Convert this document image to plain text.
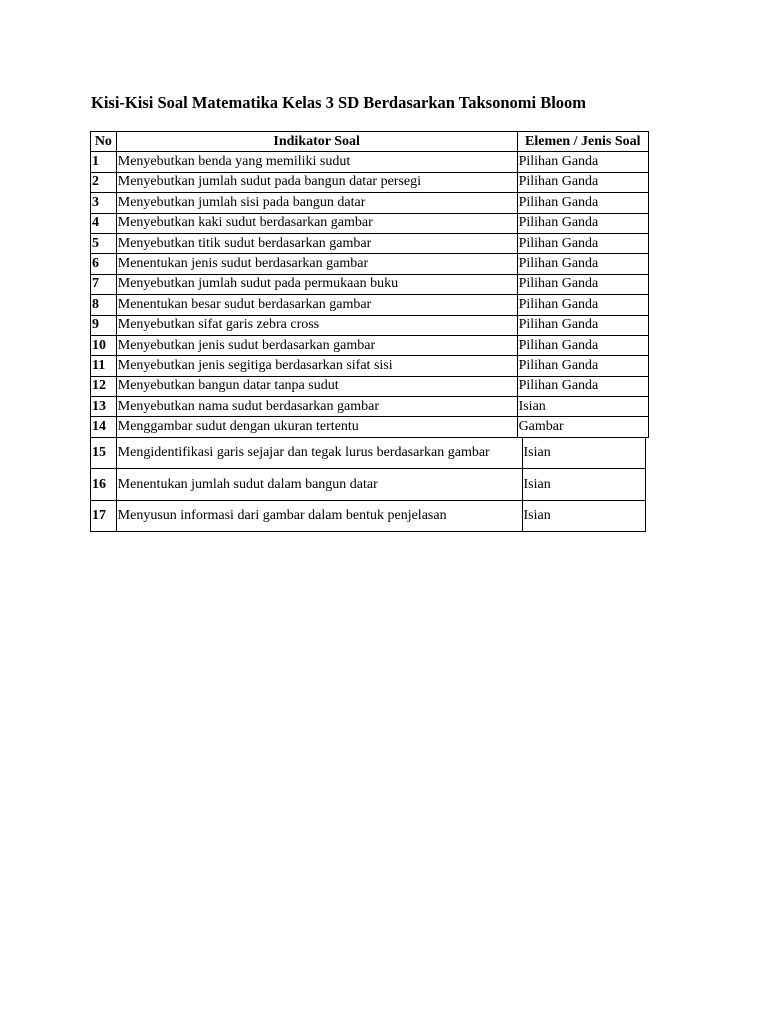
Kisi-Kisi Soal Matematika Kelas 3 SD Berdasarkan Taksonomi Bloom
No	Indikator Soal	Elemen / Jenis Soal
1	Menyebutkan benda yang memiliki sudut	Pilihan Ganda
2	Menyebutkan jumlah sudut pada bangun datar persegi	Pilihan Ganda
3	Menyebutkan jumlah sisi pada bangun datar	Pilihan Ganda
4	Menyebutkan kaki sudut berdasarkan gambar	Pilihan Ganda
5	Menyebutkan titik sudut berdasarkan gambar	Pilihan Ganda
6	Menentukan jenis sudut berdasarkan gambar	Pilihan Ganda
7	Menyebutkan jumlah sudut pada permukaan buku	Pilihan Ganda
8	Menentukan besar sudut berdasarkan gambar	Pilihan Ganda
9	Menyebutkan sifat garis zebra cross	Pilihan Ganda
10	Menyebutkan jenis sudut berdasarkan gambar	Pilihan Ganda
11	Menyebutkan jenis segitiga berdasarkan sifat sisi	Pilihan Ganda
12	Menyebutkan bangun datar tanpa sudut	Pilihan Ganda
13	Menyebutkan nama sudut berdasarkan gambar	Isian
14	Menggambar sudut dengan ukuran tertentu	Gambar
15	Mengidentifikasi garis sejajar dan tegak lurus berdasarkan gambar	Isian
16	Menentukan jumlah sudut dalam bangun datar	Isian
17	Menyusun informasi dari gambar dalam bentuk penjelasan	Isian
